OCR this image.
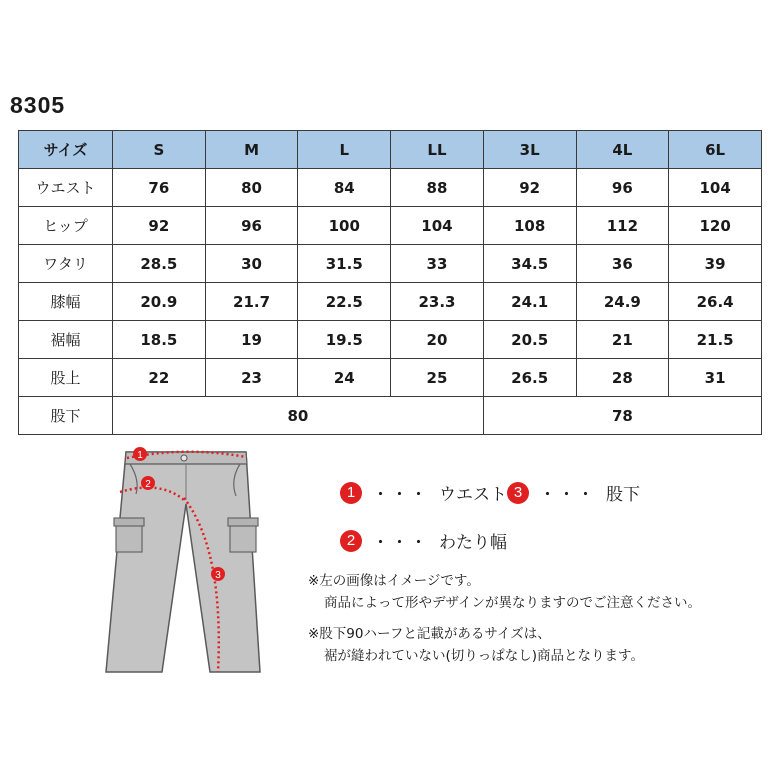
8305
サイズ	S	M	L	LL	3L	4L	6L
ウエスト	76	80	84	88	92	96	104
ヒップ	92	96	100	104	108	112	120
ワタリ	28.5	30	31.5	33	34.5	36	39
膝幅	20.9	21.7	22.5	23.3	24.1	24.9	26.4
裾幅	18.5	19	19.5	20	20.5	21	21.5
股上	22	23	24	25	26.5	28	31
股下	80				78		
1
2
3
1 ・・・ ウエスト 3 ・・・ 股下
2 ・・・ わたり幅
※左の画像はイメージです。
商品によって形やデザインが異なりますのでご注意ください。
※股下90ハーフと記載があるサイズは、
裾が縫われていない(切りっぱなし)商品となります。
